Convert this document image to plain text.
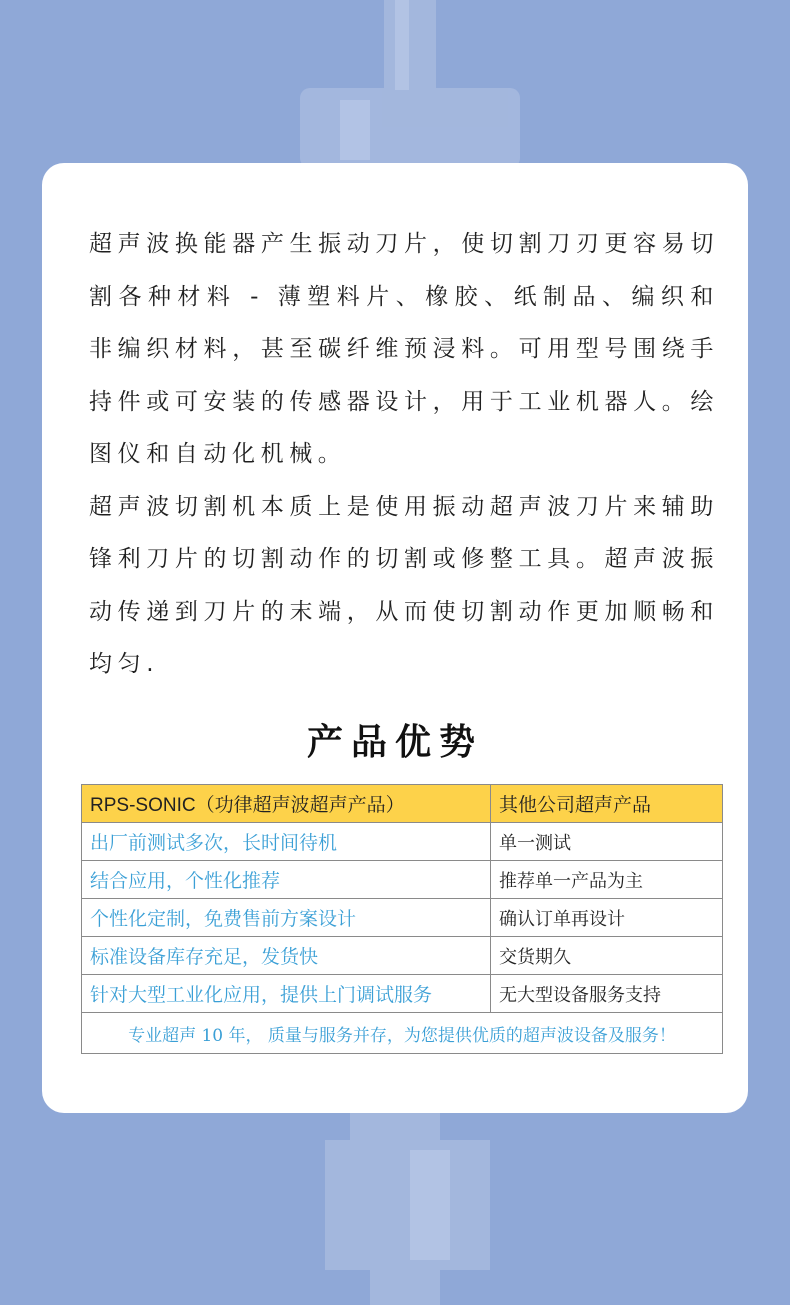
超声波换能器产生振动刀片，使切割刀刃更容易切割各种材料 - 薄塑料片、橡胶、纸制品、编织和非编织材料，甚至碳纤维预浸料。可用型号围绕手持件或可安装的传感器设计，用于工业机器人。绘图仪和自动化机械。

超声波切割机本质上是使用振动超声波刀片来辅助锋利刀片的切割动作的切割或修整工具。超声波振动传递到刀片的末端，从而使切割动作更加顺畅和均匀.

产品优势
RPS-SONIC（功律超声波超声产品）	其他公司超声产品
出厂前测试多次，长时间待机	单一测试
结合应用，个性化推荐	推荐单一产品为主
个性化定制，免费售前方案设计	确认订单再设计
标准设备库存充足，发货快	交货期久
针对大型工业化应用，提供上门调试服务	无大型设备服务支持
专业超声 10 年， 质量与服务并存，为您提供优质的超声波设备及服务！	
